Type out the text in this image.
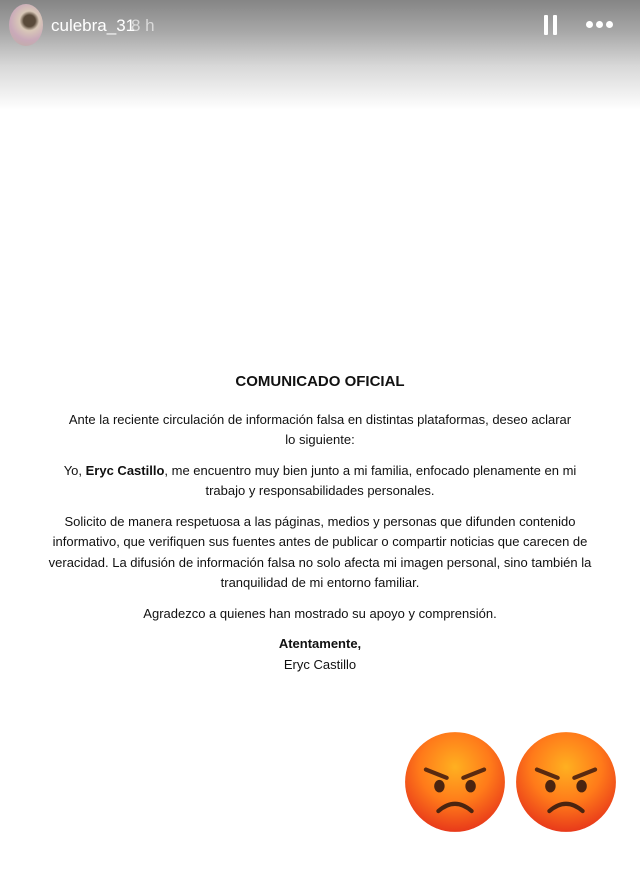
culebra_31
8 h
COMUNICADO OFICIAL

Ante la reciente circulación de información falsa en distintas plataformas, deseo aclarar lo siguiente:

Yo, Eryc Castillo, me encuentro muy bien junto a mi familia, enfocado plenamente en mi trabajo y responsabilidades personales.

Solicito de manera respetuosa a las páginas, medios y personas que difunden contenido informativo, que verifiquen sus fuentes antes de publicar o compartir noticias que carecen de veracidad. La difusión de información falsa no solo afecta mi imagen personal, sino también la tranquilidad de mi entorno familiar.

Agradezco a quienes han mostrado su apoyo y comprensión.

Atentamente,
Eryc Castillo
